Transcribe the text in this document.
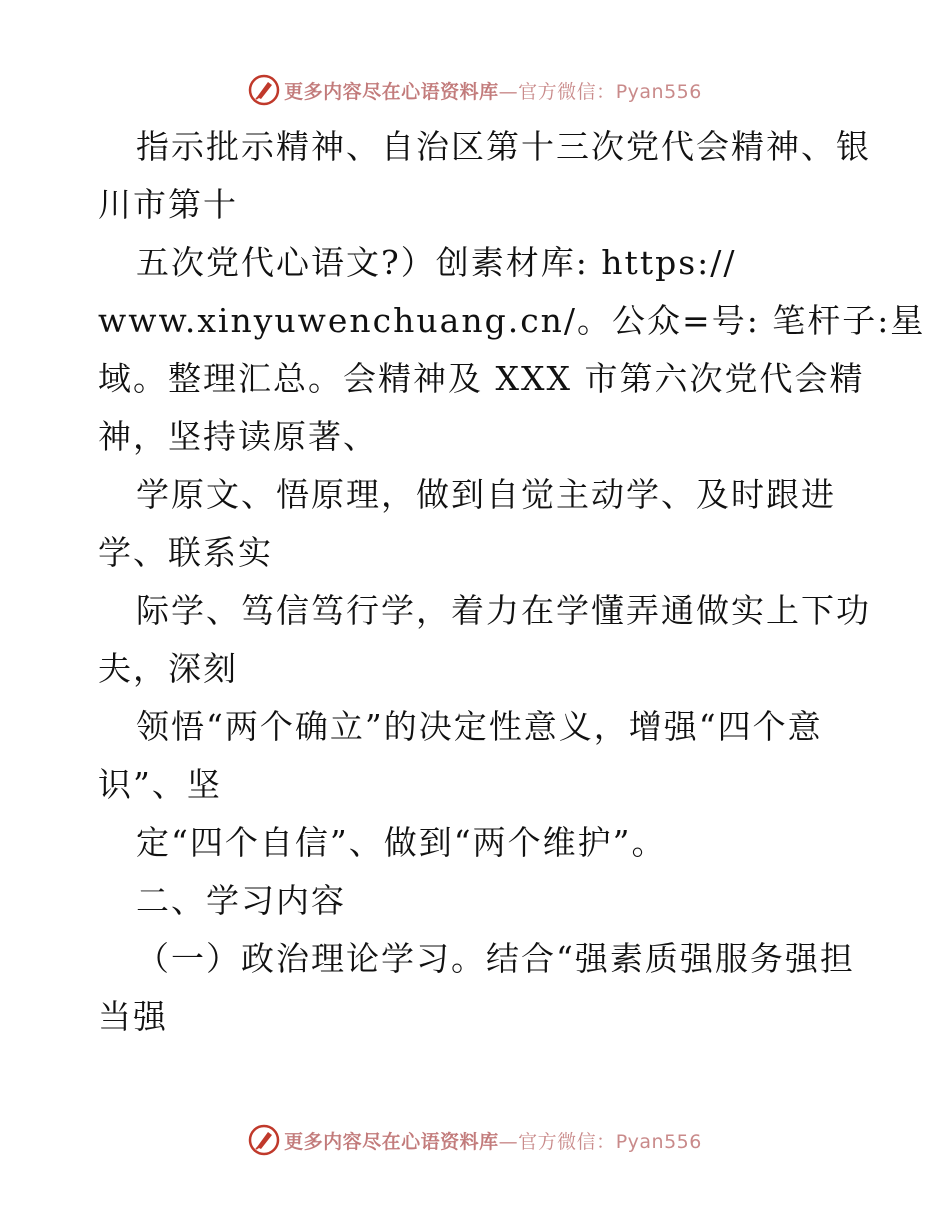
更多内容尽在心语资料库—官方微信：Pyan556
指示批示精神、自治区第十三次党代会精神、银
川市第十
五次党代心语文?）创素材库: https://
www.xinyuwenchuang.cn/。公众=号: 笔杆子:星
域。整理汇总。会精神及 XXX 市第六次党代会精
神，坚持读原著、
学原文、悟原理，做到自觉主动学、及时跟进
学、联系实
际学、笃信笃行学，着力在学懂弄通做实上下功
夫，深刻
领悟“两个确立”的决定性意义，增强“四个意
识”、坚
定“四个自信”、做到“两个维护”。
二、学习内容
（一）政治理论学习。结合“强素质强服务强担
当强
更多内容尽在心语资料库—官方微信：Pyan556
